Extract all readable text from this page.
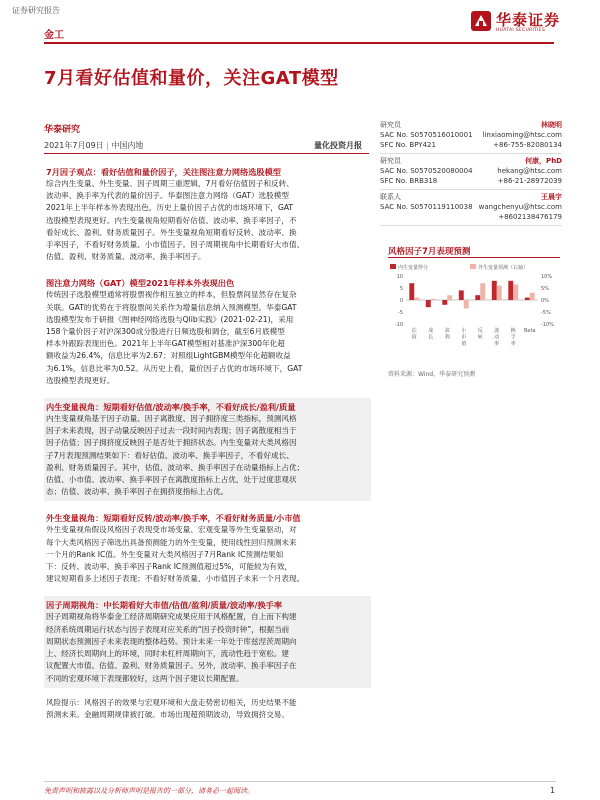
证券研究报告
金工
华泰证券
HUATAI SECURITIES
7月看好估值和量价，关注GAT模型
华泰研究
2021年7月09日 | 中国内地	量化投资月报
7月因子观点：看好估值和量价因子，关注图注意力网络选股模型
综合内生变量、外生变量、因子周期三重逻辑，7月看好估值因子和反转、
波动率、换手率为代表的量价因子。华泰图注意力网络（GAT）选股模型
2021年上半年样本外表现出色，历史上量价因子占优的市场环境下，GAT
选股模型表现更好。内生变量视角短期看好估值、波动率、换手率因子，不
看好成长、盈利、财务质量因子。外生变量视角短期看好反转、波动率、换
手率因子，不看好财务质量、小市值因子。因子周期视角中长期看好大市值、
估值、盈利、财务质量、波动率、换手率因子。
图注意力网络（GAT）模型2021年样本外表现出色
传统因子选股模型通常将股票视作相互独立的样本，但股票间显然存在复杂
关联。GAT的优势在于将股票间关系作为增量信息纳入预测模型。华泰GAT
选股模型发布于研报《图神经网络选股与Qlib实践》(2021-02-21)，采用
158个量价因子对沪深300成分股进行日频选股和调仓，截至6月底模型
样本外跟踪表现出色。2021年上半年GAT模型相对基准沪深300年化超
额收益为26.4%，信息比率为2.67；对照组LightGBM模型年化超额收益
为6.1%，信息比率为0.52。从历史上看，量价因子占优的市场环境下，GAT
选股模型表现更好。
内生变量视角：短期看好估值/波动率/换手率，不看好成长/盈利/质量
内生变量视角基于因子动量、因子离散度、因子拥挤度三类指标，预测风格
因子未来表现，因子动量反映因子过去一段时间内表现；因子离散度相当于
因子估值；因子拥挤度反映因子是否处于拥挤状态。内生变量对大类风格因
子7月表现预测结果如下：看好估值、波动率、换手率因子，不看好成长、
盈利、财务质量因子。其中，估值、波动率、换手率因子在动量指标上占优；
估值、小市值、波动率、换手率因子在离散度指标上占优，处于过度悲观状
态；估值、波动率、换手率因子在拥挤度指标上占优。
外生变量视角：短期看好反转/波动率/换手率，不看好财务质量/小市值
外生变量视角假设风格因子表现受市场变量、宏观变量等外生变量驱动，对
每个大类风格因子筛选出具备预测能力的外生变量，使用线性回归预测未来
一个月的Rank IC值。外生变量对大类风格因子7月Rank IC预测结果如
下：反转、波动率、换手率因子Rank IC预测值超过5%，可能较为有效，
建议短期看多上述因子表现；不看好财务质量、小市值因子未来一个月表现。
因子周期视角：中长期看好大市值/估值/盈利/质量/波动率/换手率
因子周期视角将华泰金工经济周期研究成果应用于风格配置，自上而下构建
经济系统周期运行状态与因子表现对应关系的“因子投资时钟”，根据当前
周期状态预测因子未来表现的整体趋势。预计未来一年处于库兹涅茨周期向
上、经济长周期向上的环境，同时未杠杆周期向下，流动性趋于宽松。建
议配置大市值、估值、盈利、财务质量因子。另外，波动率、换手率因子在
不同的宏观环境下表现都较好，这两个因子建议长期配置。
风险提示：风格因子的效果与宏观环境和大盘走势密切相关，历史结果不能
预测未来。金融周期规律被打破。市场出现超预期波动，导致拥挤交易。
研究员	林晓明
SAC No. S0570516010001 linxiaoming@htsc.com
SFC No. BPY421	+86-755-82080134
研究员	何康，PhD
SAC No. S0570520080004	hekang@htsc.com
SFC No. BRB318	+86-21-28972039
联系人	王晨宇
SAC No. S0570119110038 wangchenyu@htsc.com
+8602138476179
风格因子7月表现预测
内生变量得分	外生变量预测（右轴）
10
5
0
-5
-10
10%
5%
0%
-5%
-10%
估
值
成
长
盈
利
小
市
值
反
转
波
动
率
换
手
率
Beta
资料来源：Wind，华泰研究预测
免责声明和披露以及分析师声明是报告的一部分，请务必一起阅读。	1
